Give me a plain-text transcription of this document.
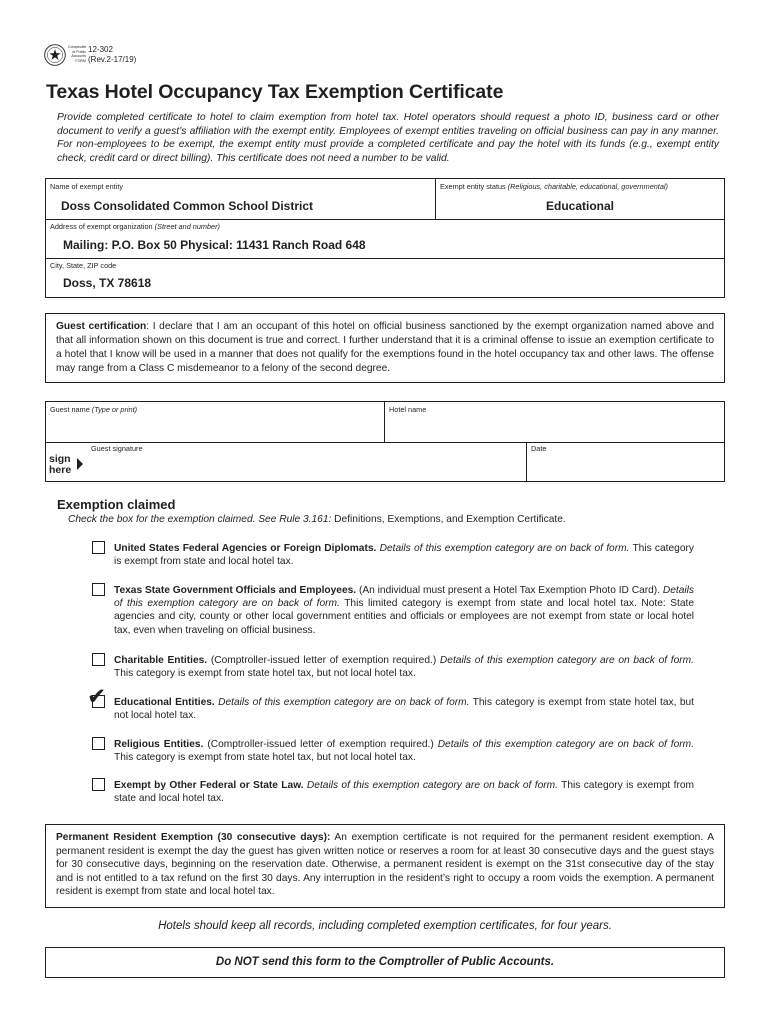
Comptroller
of Public
Accounts
FORM
12-302
(Rev.2-17/19)
Texas Hotel Occupancy Tax Exemption Certificate
Provide completed certificate to hotel to claim exemption from hotel tax. Hotel operators should request a photo ID, business card or other document to verify a guest’s affiliation with the exempt entity. Employees of exempt entities traveling on official business can pay in any manner. For non-employees to be exempt, the exempt entity must provide a completed certificate and pay the hotel with its funds (e.g., exempt entity check, credit card or direct billing). This certificate does not need a number to be valid.
Name of exempt entity
Doss Consolidated Common School District
Exempt entity status (Religious, charitable, educational, governmental)
Educational
Address of exempt organization (Street and number)
Mailing: P.O. Box 50 Physical: 11431 Ranch Road 648
City, State, ZIP code
Doss, TX 78618
Guest certification: I declare that I am an occupant of this hotel on official business sanctioned by the exempt organization named above and that all information shown on this document is true and correct. I further understand that it is a criminal offense to issue an exemption certificate to a hotel that I know will be used in a manner that does not qualify for the exemptions found in the hotel occupancy tax and other laws. The offense may range from a Class C misdemeanor to a felony of the second degree.
Guest name (Type or print)	Hotel name
sign
here
Guest signature	Date
Exemption claimed
Check the box for the exemption claimed. See Rule 3.161: Definitions, Exemptions, and Exemption Certificate.
United States Federal Agencies or Foreign Diplomats. Details of this exemption category are on back of form. This category is exempt from state and local hotel tax.
Texas State Government Officials and Employees. (An individual must present a Hotel Tax Exemption Photo ID Card). Details of this exemption category are on back of form. This limited category is exempt from state and local hotel tax. Note: State agencies and city, county or other local government entities and officials or employees are not exempt from state or local hotel tax, even when traveling on official business.
Charitable Entities. (Comptroller-issued letter of exemption required.) Details of this exemption category are on back of form. This category is exempt from state hotel tax, but not local hotel tax.
✔ Educational Entities. Details of this exemption category are on back of form. This category is exempt from state hotel tax, but not local hotel tax.
Religious Entities. (Comptroller-issued letter of exemption required.) Details of this exemption category are on back of form. This category is exempt from state hotel tax, but not local hotel tax.
Exempt by Other Federal or State Law. Details of this exemption category are on back of form. This category is exempt from state and local hotel tax.
Permanent Resident Exemption (30 consecutive days): An exemption certificate is not required for the permanent resident exemption. A permanent resident is exempt the day the guest has given written notice or reserves a room for at least 30 consecutive days and the guest stays for 30 consecutive days, beginning on the reservation date. Otherwise, a permanent resident is exempt on the 31st consecutive day of the stay and is not entitled to a tax refund on the first 30 days. Any interruption in the resident’s right to occupy a room voids the exemption. A permanent resident is exempt from state and local hotel tax.
Hotels should keep all records, including completed exemption certificates, for four years.
Do NOT send this form to the Comptroller of Public Accounts.
